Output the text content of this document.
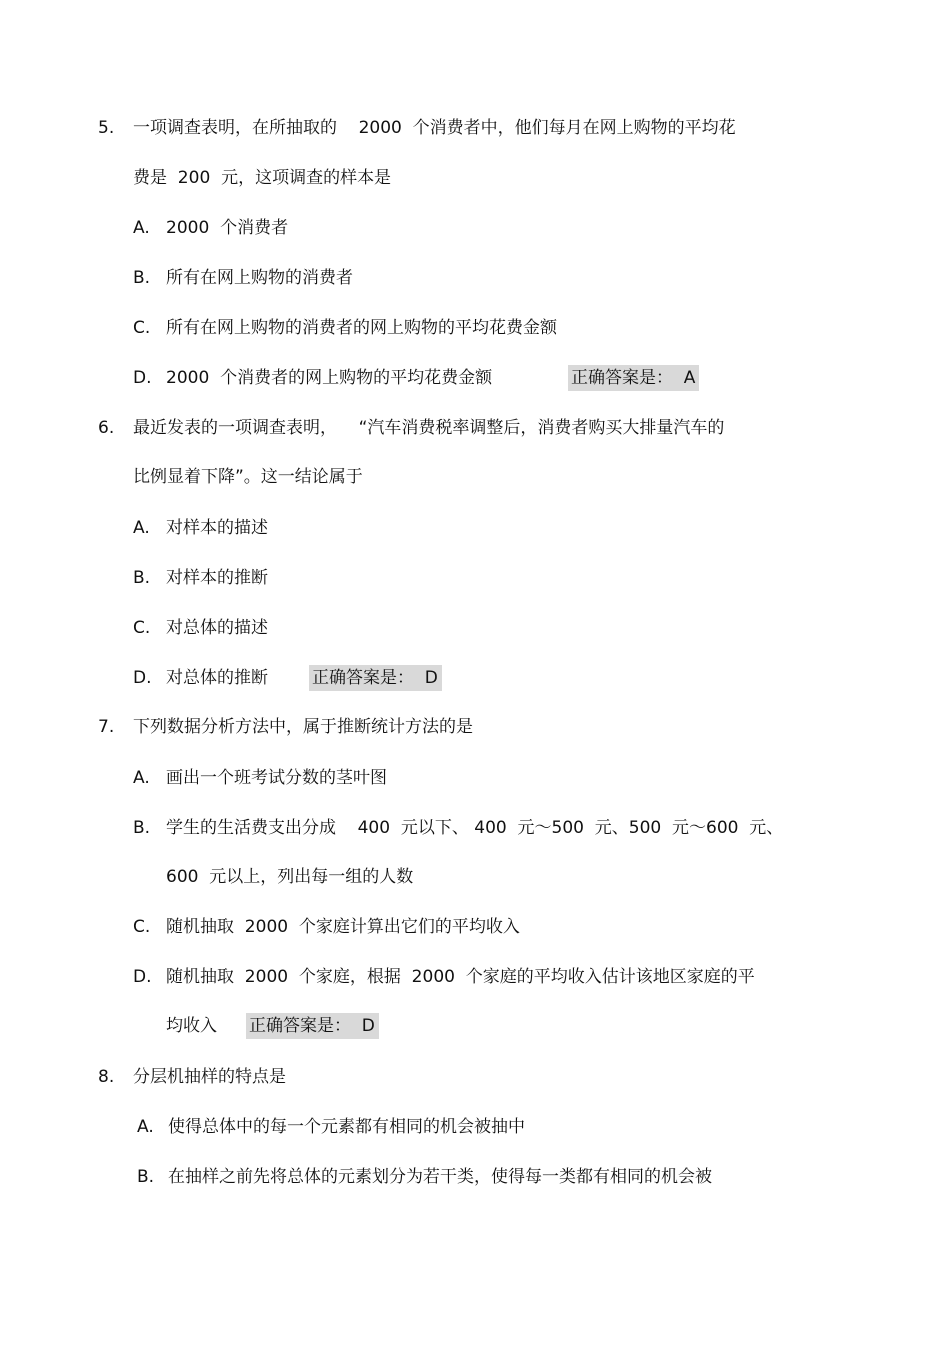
5. 一项调查表明，在所抽取的    2000  个消费者中，他们每月在网上购物的平均花
费是  200  元，这项调查的样本是
A. 2000  个消费者
B. 所有在网上购物的消费者
C. 所有在网上购物的消费者的网上购物的平均花费金额
D. 2000  个消费者的网上购物的平均花费金额	正确答案是：  A
6. 最近发表的一项调查表明，    “汽车消费税率调整后，消费者购买大排量汽车的
比例显着下降”。这一结论属于
A. 对样本的描述
B. 对样本的推断
C. 对总体的描述
D. 对总体的推断	正确答案是：  D
7. 下列数据分析方法中，属于推断统计方法的是
A. 画出一个班考试分数的茎叶图
B. 学生的生活费支出分成    400  元以下、 400  元～500  元、500  元～600  元、
600  元以上，列出每一组的人数
C. 随机抽取  2000  个家庭计算出它们的平均收入
D. 随机抽取  2000  个家庭，根据  2000  个家庭的平均收入估计该地区家庭的平
均收入 正确答案是：  D
8. 分层机抽样的特点是
A. 使得总体中的每一个元素都有相同的机会被抽中
B. 在抽样之前先将总体的元素划分为若干类，使得每一类都有相同的机会被
